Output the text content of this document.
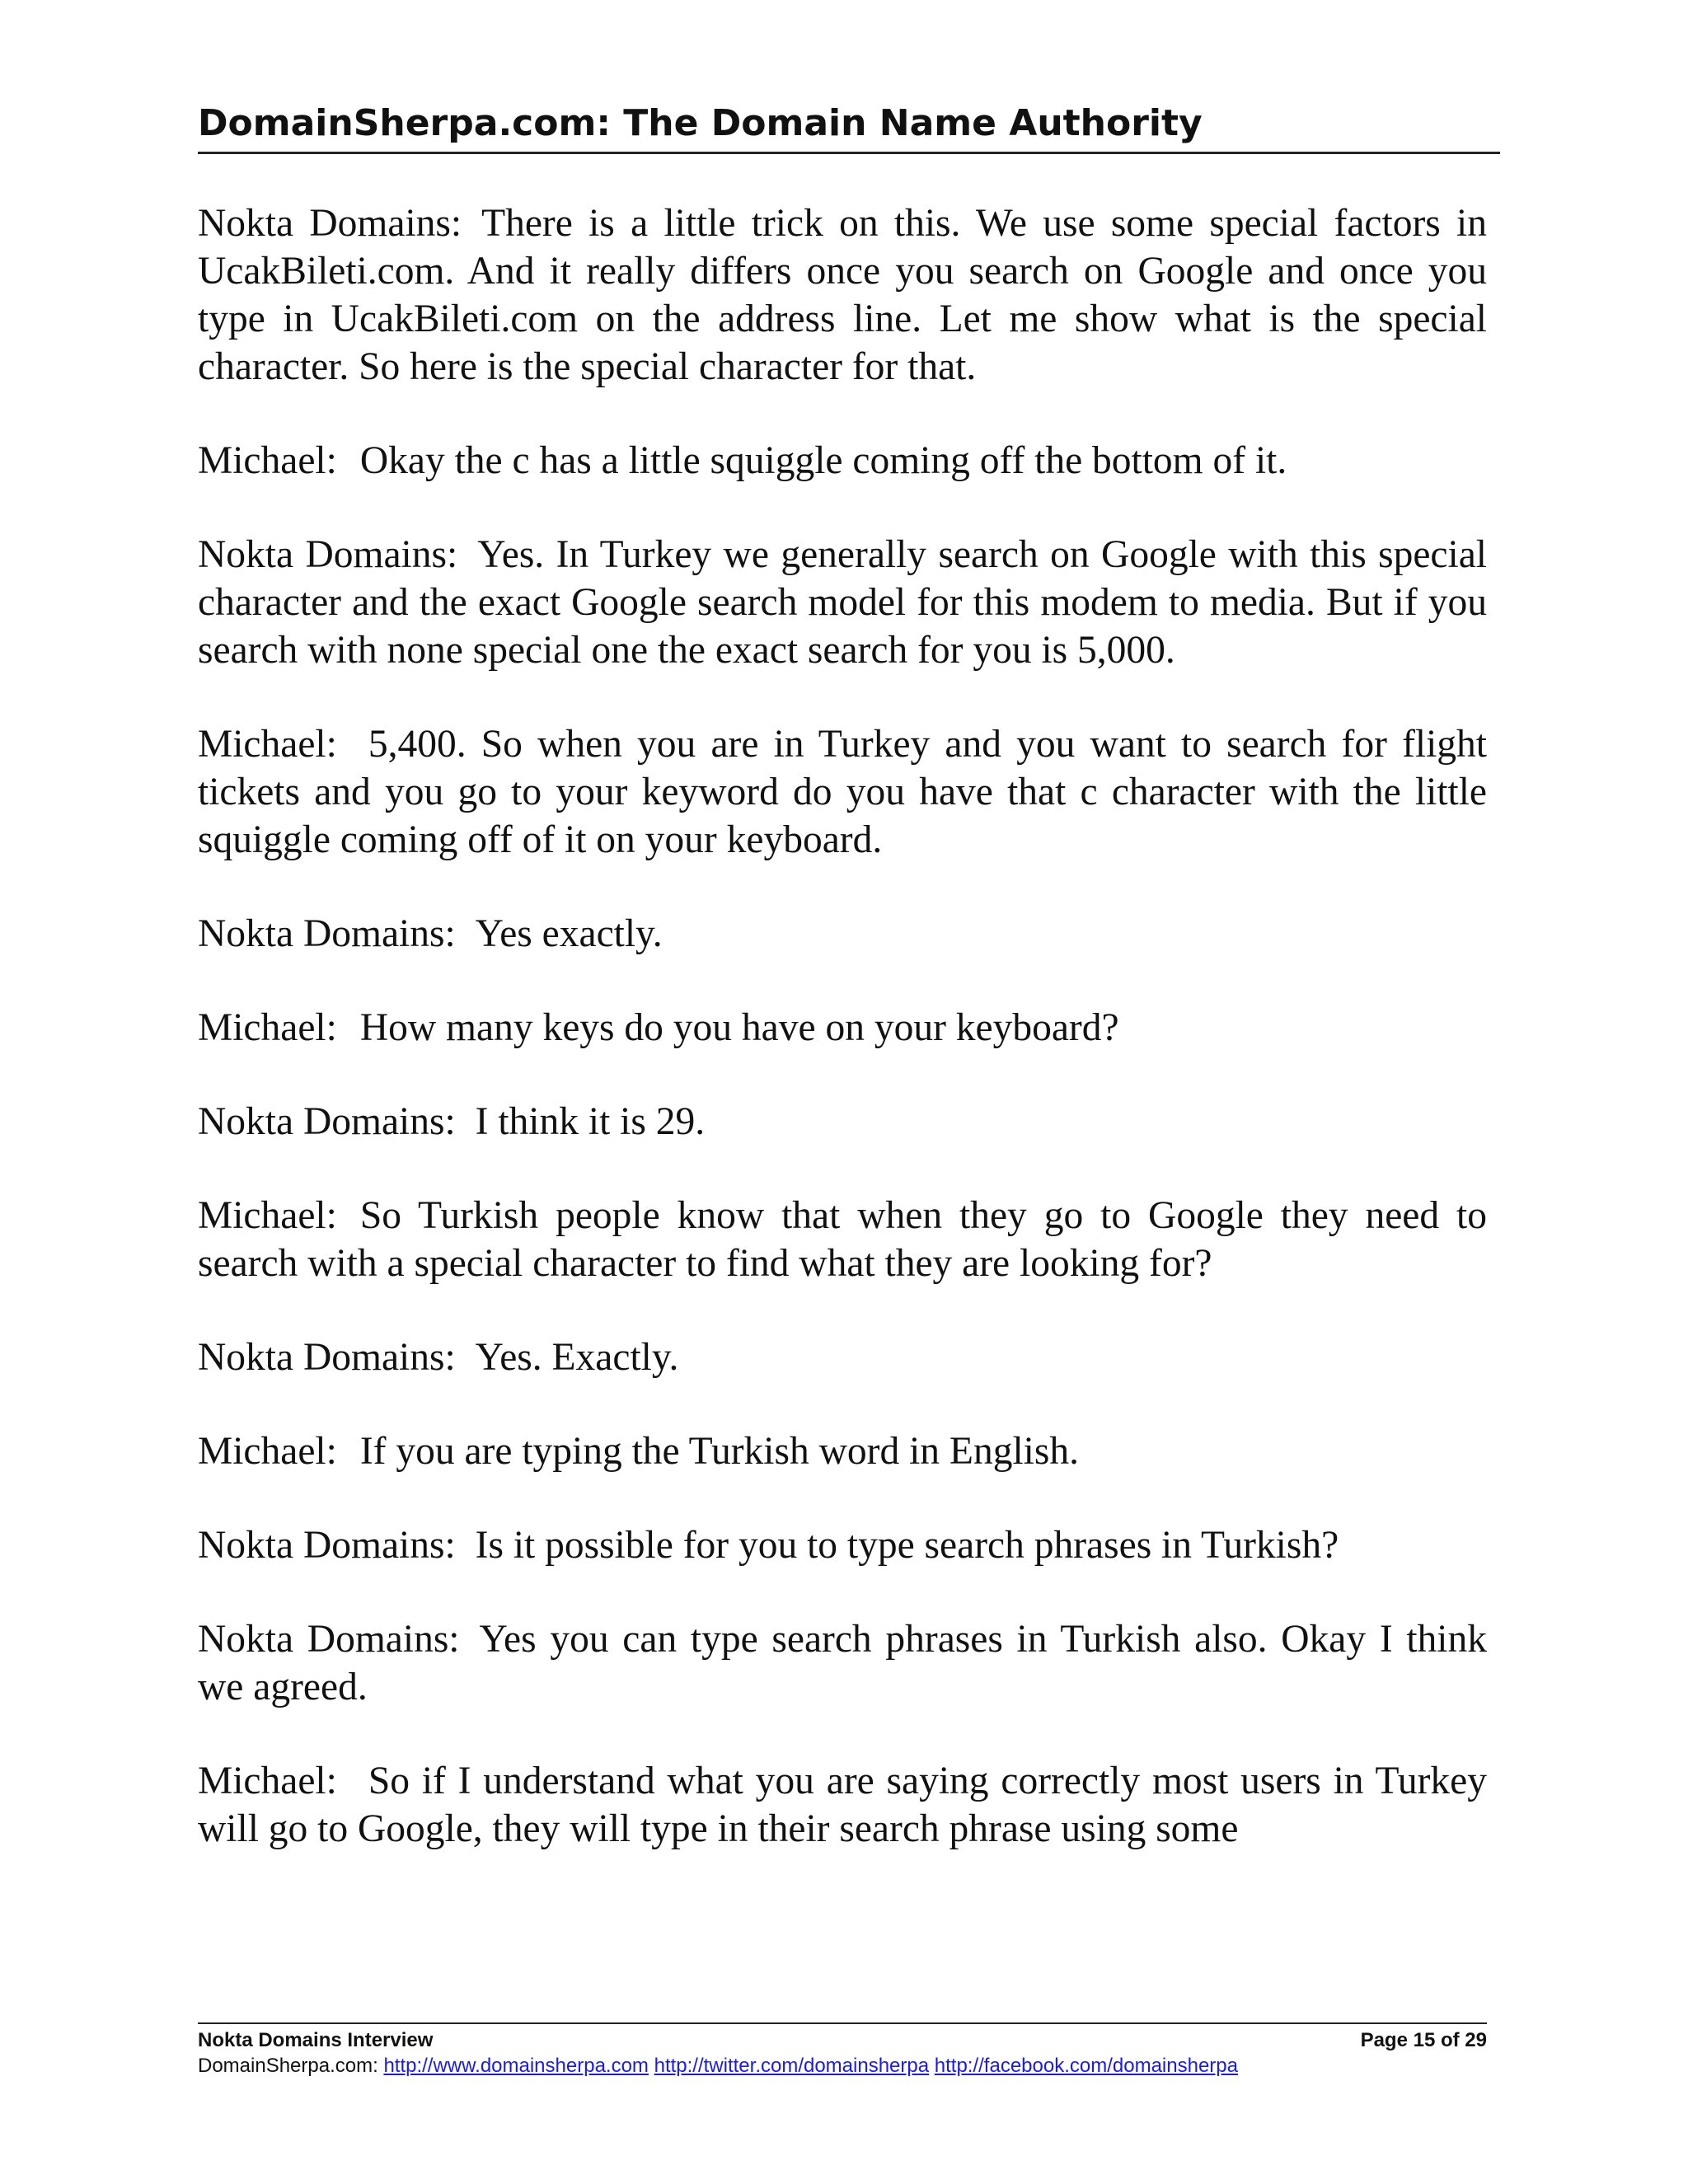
DomainSherpa.com: The Domain Name Authority

Nokta Domains: There is a little trick on this. We use some special factors in UcakBileti.com. And it really differs once you search on Google and once you type in UcakBileti.com on the address line. Let me show what is the special character. So here is the special character for that.

Michael: Okay the c has a little squiggle coming off the bottom of it.

Nokta Domains: Yes. In Turkey we generally search on Google with this special character and the exact Google search model for this modem to media. But if you search with none special one the exact search for you is 5,000.

Michael: 5,400. So when you are in Turkey and you want to search for flight tickets and you go to your keyword do you have that c character with the little squiggle coming off of it on your keyboard.

Nokta Domains: Yes exactly.

Michael: How many keys do you have on your keyboard?

Nokta Domains: I think it is 29.

Michael: So Turkish people know that when they go to Google they need to search with a special character to find what they are looking for?

Nokta Domains: Yes. Exactly.

Michael: If you are typing the Turkish word in English.

Nokta Domains: Is it possible for you to type search phrases in Turkish?

Nokta Domains: Yes you can type search phrases in Turkish also. Okay I think we agreed.

Michael: So if I understand what you are saying correctly most users in Turkey will go to Google, they will type in their search phrase using some

Nokta Domains Interview	Page 15 of 29
DomainSherpa.com: http://www.domainsherpa.com http://twitter.com/domainsherpa http://facebook.com/domainsherpa
